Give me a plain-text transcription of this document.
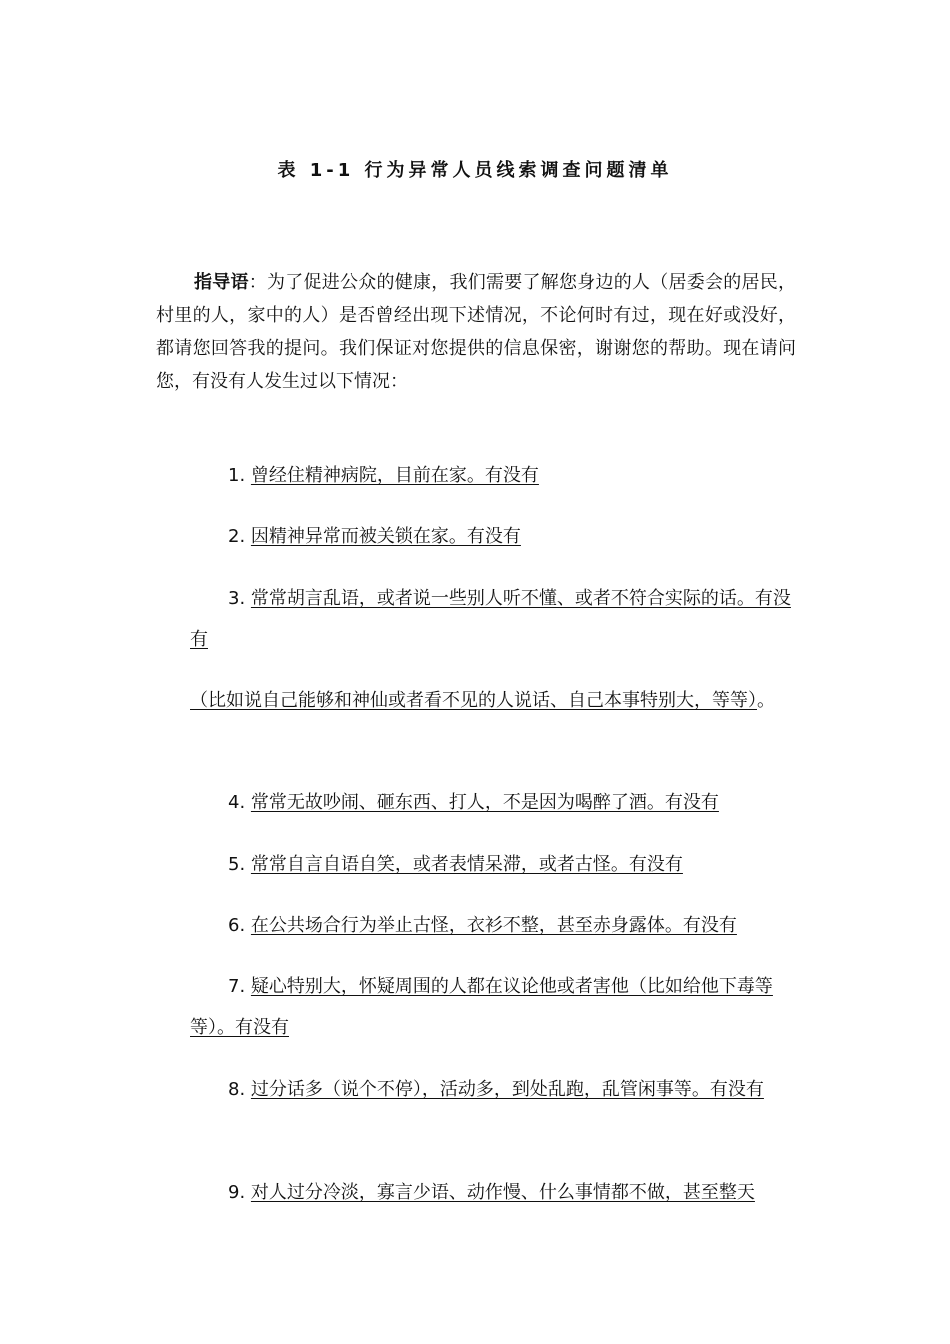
表 1-1 行为异常人员线索调查问题清单
指导语：为了促进公众的健康，我们需要了解您身边的人（居委会的居民，村里的人，家中的人）是否曾经出现下述情况，不论何时有过，现在好或没好，都请您回答我的提问。我们保证对您提供的信息保密，谢谢您的帮助。现在请问您，有没有人发生过以下情况：
1. 曾经住精神病院，目前在家。有没有
2. 因精神异常而被关锁在家。有没有
3. 常常胡言乱语，或者说一些别人听不懂、或者不符合实际的话。有没有
（比如说自己能够和神仙或者看不见的人说话、自己本事特别大，等等）。
4. 常常无故吵闹、砸东西、打人，不是因为喝醉了酒。有没有
5. 常常自言自语自笑，或者表情呆滞，或者古怪。有没有
6. 在公共场合行为举止古怪，衣衫不整，甚至赤身露体。有没有
7. 疑心特别大，怀疑周围的人都在议论他或者害他（比如给他下毒等等）。有没有
8. 过分话多（说个不停），活动多，到处乱跑，乱管闲事等。有没有
9. 对人过分冷淡，寡言少语、动作慢、什么事情都不做，甚至整天
